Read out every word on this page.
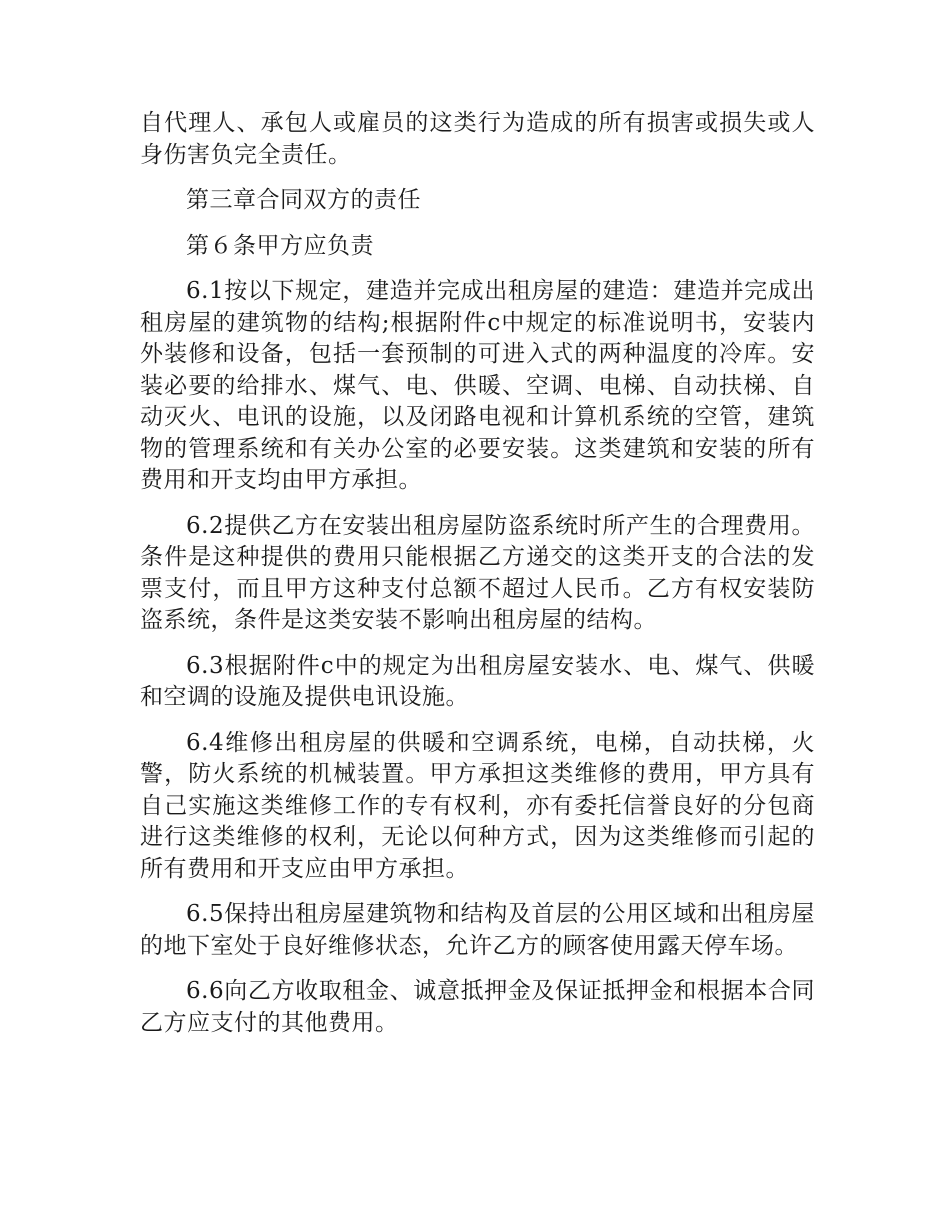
自代理人、承包人或雇员的这类行为造成的所有损害或损失或人身伤害负完全责任。

第三章合同双方的责任

第６条甲方应负责

6.1按以下规定，建造并完成出租房屋的建造：建造并完成出租房屋的建筑物的结构;根据附件c中规定的标准说明书，安装内外装修和设备，包括一套预制的可进入式的两种温度的冷库。安装必要的给排水、煤气、电、供暖、空调、电梯、自动扶梯、自动灭火、电讯的设施，以及闭路电视和计算机系统的空管，建筑物的管理系统和有关办公室的必要安装。这类建筑和安装的所有费用和开支均由甲方承担。

6.2提供乙方在安装出租房屋防盗系统时所产生的合理费用。条件是这种提供的费用只能根据乙方递交的这类开支的合法的发票支付，而且甲方这种支付总额不超过人民币。乙方有权安装防盗系统，条件是这类安装不影响出租房屋的结构。

6.3根据附件c中的规定为出租房屋安装水、电、煤气、供暖和空调的设施及提供电讯设施。

6.4维修出租房屋的供暖和空调系统，电梯，自动扶梯，火警，防火系统的机械装置。甲方承担这类维修的费用，甲方具有自己实施这类维修工作的专有权利，亦有委托信誉良好的分包商进行这类维修的权利，无论以何种方式，因为这类维修而引起的所有费用和开支应由甲方承担。

6.5保持出租房屋建筑物和结构及首层的公用区域和出租房屋的地下室处于良好维修状态，允许乙方的顾客使用露天停车场。

6.6向乙方收取租金、诚意抵押金及保证抵押金和根据本合同乙方应支付的其他费用。
